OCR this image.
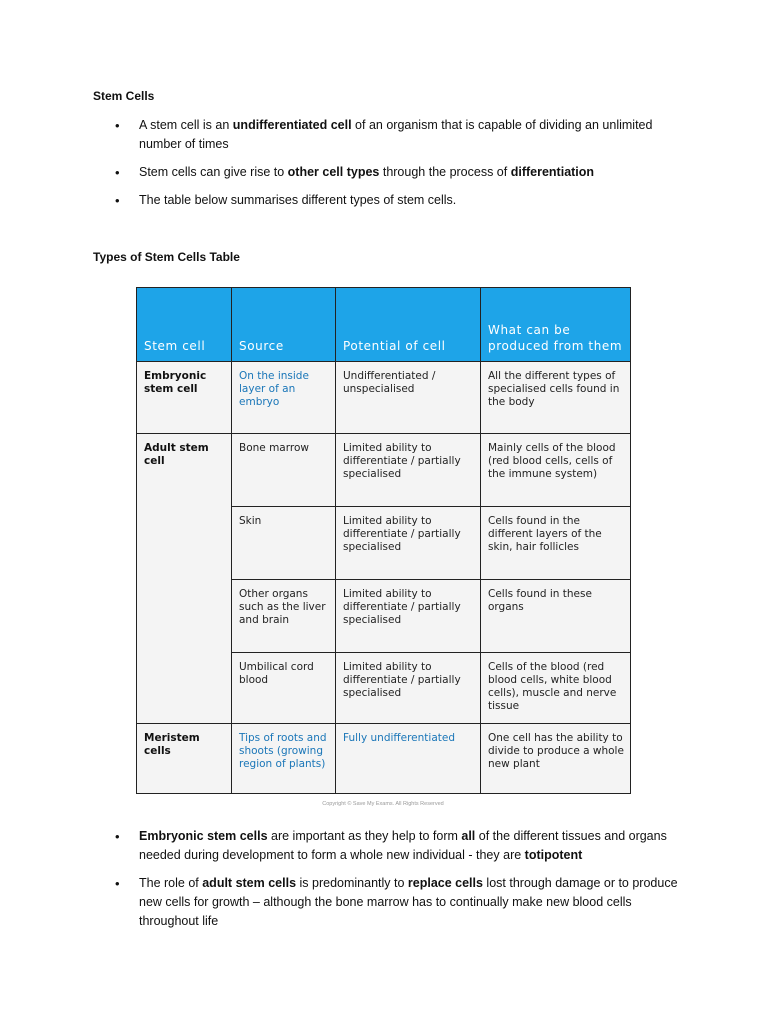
Stem Cells
• A stem cell is an undifferentiated cell of an organism that is capable of dividing an unlimited number of times
• Stem cells can give rise to other cell types through the process of differentiation
• The table below summarises different types of stem cells.
Types of Stem Cells Table
Stem cell	Source	Potential of cell	What can be produced from them
Embryonic stem cell	On the inside layer of an embryo	Undifferentiated / unspecialised	All the different types of specialised cells found in the body
Adult stem cell	Bone marrow	Limited ability to differentiate / partially specialised	Mainly cells of the blood (red blood cells, cells of the immune system)
	Skin	Limited ability to differentiate / partially specialised	Cells found in the different layers of the skin, hair follicles
	Other organs such as the liver and brain	Limited ability to differentiate / partially specialised	Cells found in these organs
	Umbilical cord blood	Limited ability to differentiate / partially specialised	Cells of the blood (red blood cells, white blood cells), muscle and nerve tissue
Meristem cells	Tips of roots and shoots (growing region of plants)	Fully undifferentiated	One cell has the ability to divide to produce a whole new plant
Copyright © Save My Exams. All Rights Reserved
• Embryonic stem cells are important as they help to form all of the different tissues and organs needed during development to form a whole new individual - they are totipotent
• The role of adult stem cells is predominantly to replace cells lost through damage or to produce new cells for growth – although the bone marrow has to continually make new blood cells throughout life
